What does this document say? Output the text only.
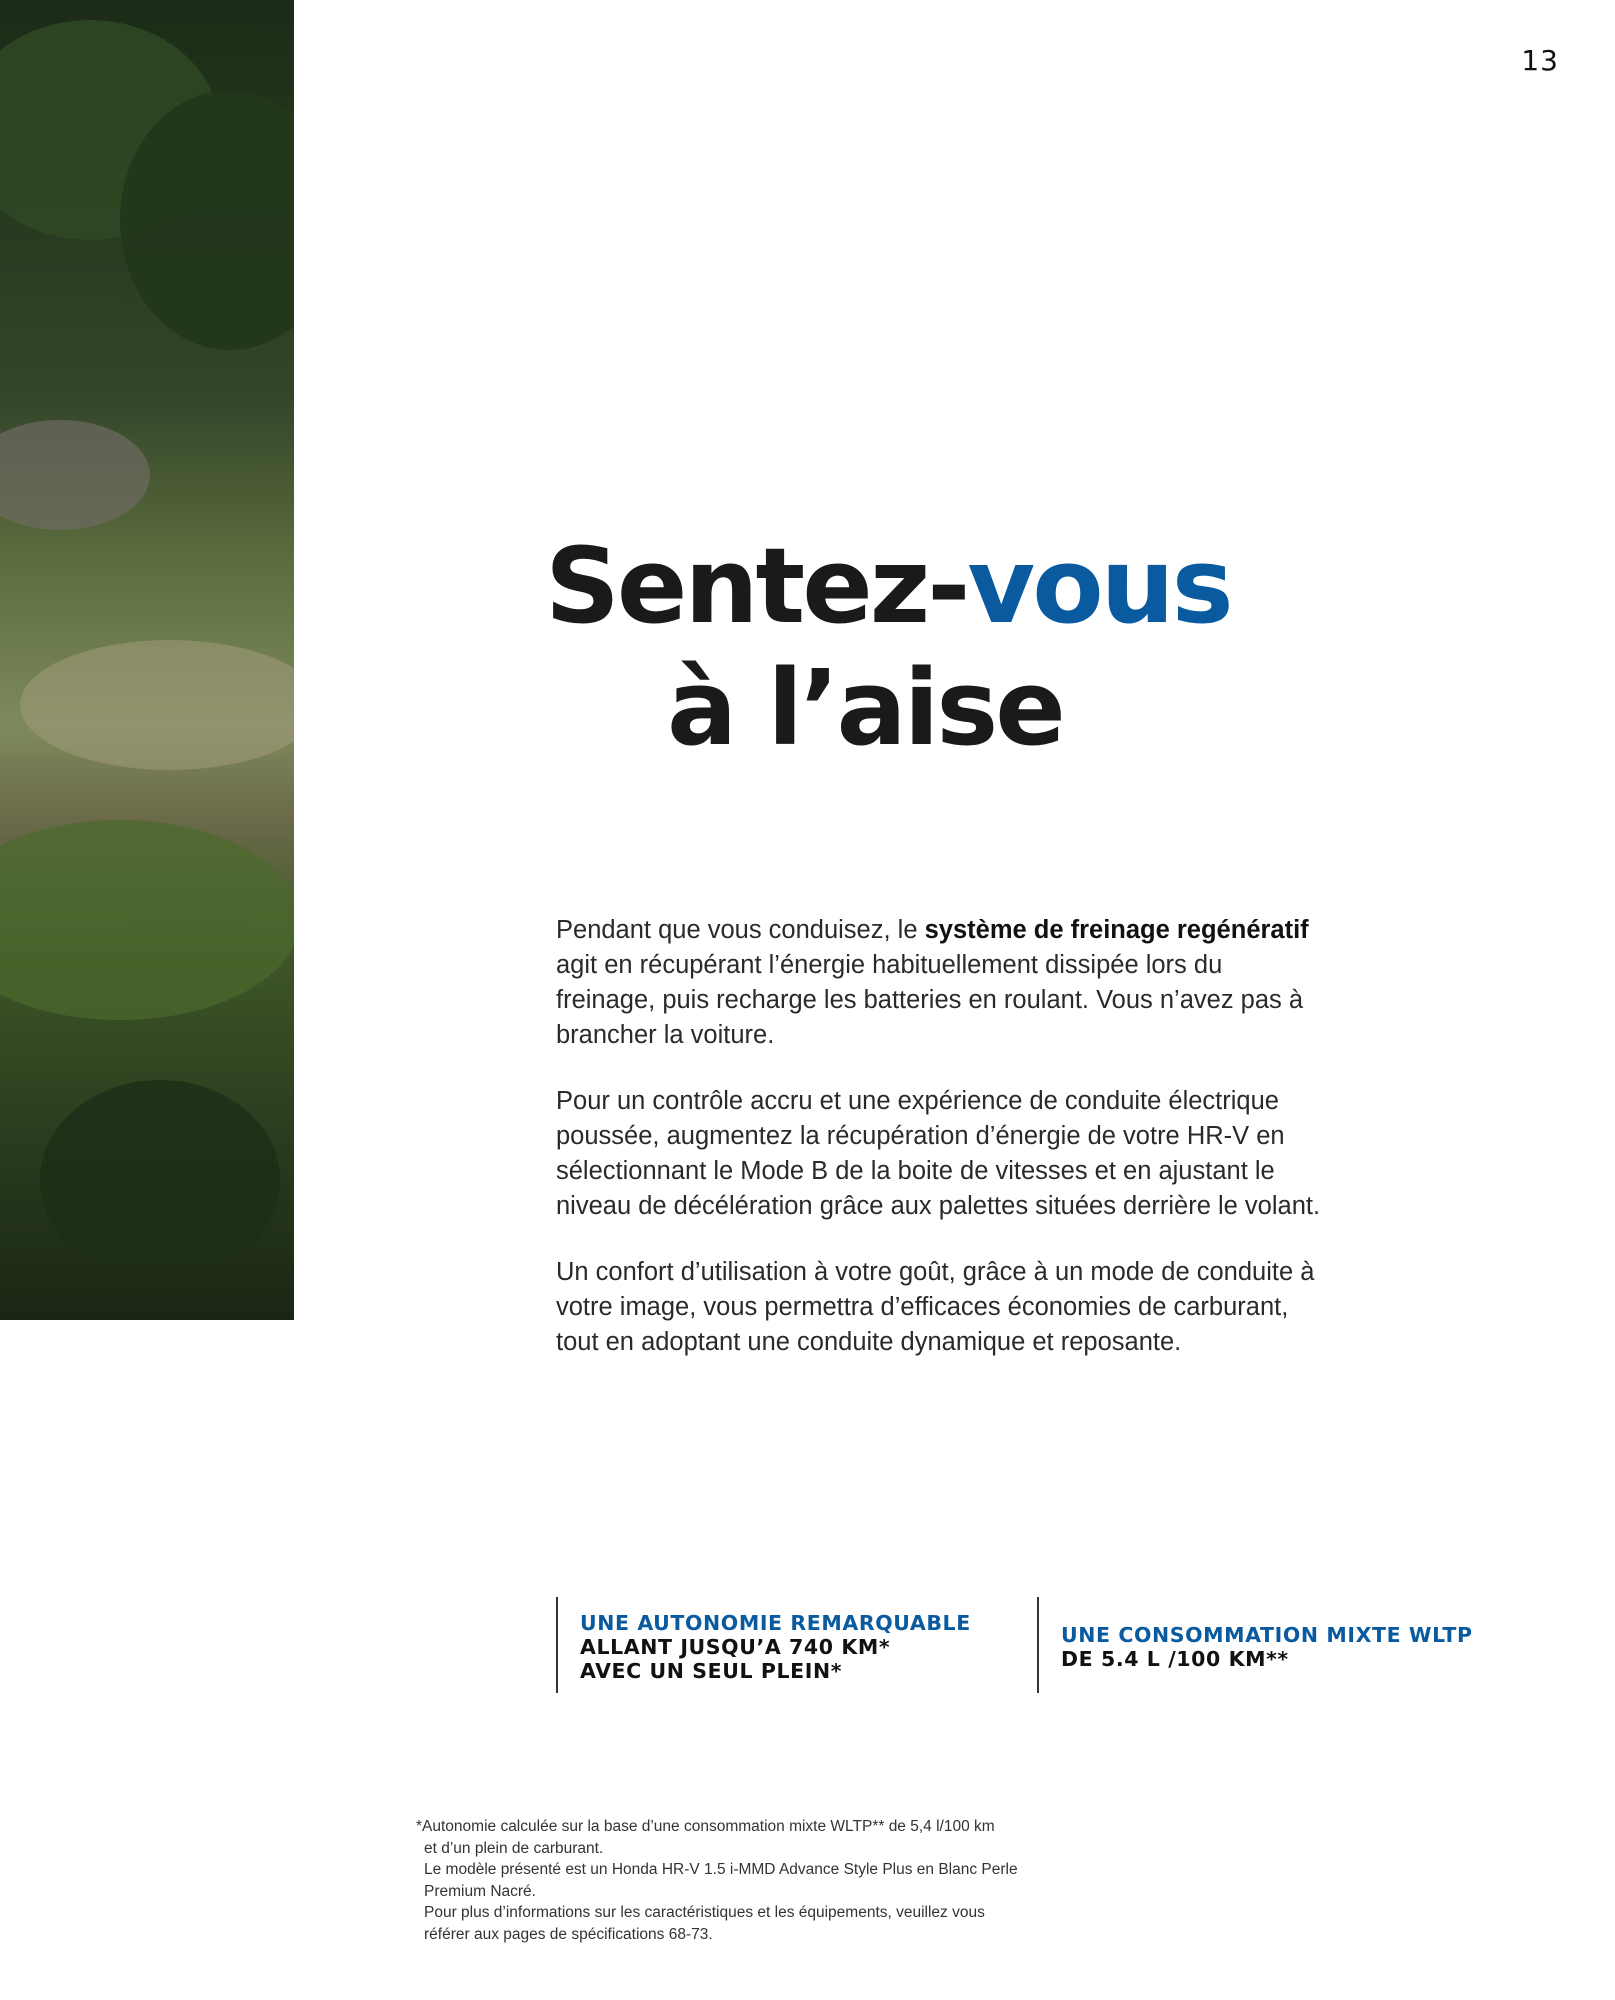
13
Sentez-vous
à l’aise

Pendant que vous conduisez, le système de freinage regénératif agit en récupérant l’énergie habituellement dissipée lors du freinage, puis recharge les batteries en roulant. Vous n’avez pas à brancher la voiture.

Pour un contrôle accru et une expérience de conduite électrique poussée, augmentez la récupération d’énergie de votre HR-V en sélectionnant le Mode B de la boite de vitesses et en ajustant le niveau de décélération grâce aux palettes situées derrière le volant.

Un confort d’utilisation à votre goût, grâce à un mode de conduite à votre image, vous permettra d’efficaces économies de carburant, tout en adoptant une conduite dynamique et reposante.

UNE AUTONOMIE REMARQUABLE
ALLANT JUSQU’A 740 KM*
AVEC UN SEUL PLEIN*
UNE CONSOMMATION MIXTE WLTP
DE 5.4 L /100 KM**
*Autonomie calculée sur la base d’une consommation mixte WLTP** de 5,4 l/100 km
et d’un plein de carburant.
Le modèle présenté est un Honda HR-V 1.5 i-MMD Advance Style Plus en Blanc Perle
Premium Nacré.
Pour plus d’informations sur les caractéristiques et les équipements, veuillez vous
référer aux pages de spécifications 68-73.
